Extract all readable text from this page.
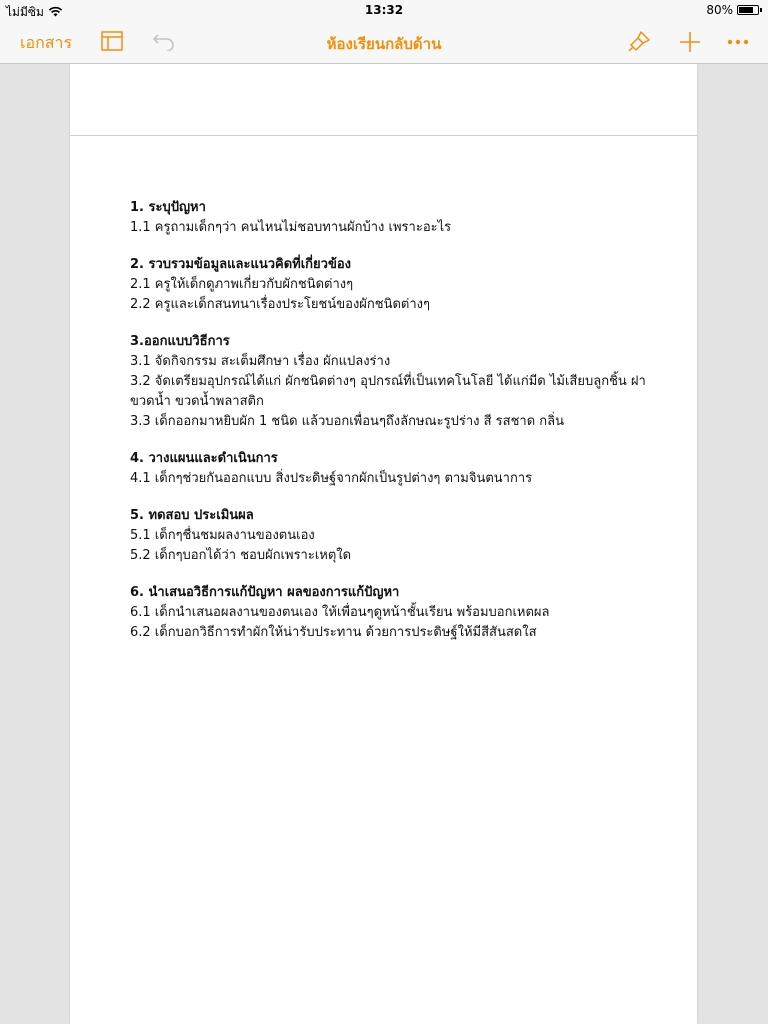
ไม่มีซิม	13:32	80%
เอกสาร	ห้องเรียนกลับด้าน
1. ระบุปัญหา
1.1 ครูถามเด็กๆว่า คนไหนไม่ชอบทานผักบ้าง เพราะอะไร
2. รวบรวมข้อมูลและแนวคิดที่เกี่ยวข้อง
2.1 ครูให้เด็กดูภาพเกี่ยวกับผักชนิดต่างๆ
2.2 ครูและเด็กสนทนาเรื่องประโยชน์ของผักชนิดต่างๆ
3.ออกแบบวิธีการ
3.1 จัดกิจกรรม สะเต็มศึกษา เรื่อง ผักแปลงร่าง
3.2 จัดเตรียมอุปกรณ์ได้แก่ ผักชนิดต่างๆ อุปกรณ์ที่เป็นเทคโนโลยี ได้แก่มีด ไม้เสียบลูกชิ้น ฝาขวดน้ำ ขวดน้ำพลาสติก
3.3 เด็กออกมาหยิบผัก 1 ชนิด แล้วบอกเพื่อนๆถึงลักษณะรูปร่าง สี รสชาด กลิ่น
4. วางแผนและดำเนินการ
4.1 เด็กๆช่วยกันออกแบบ สิ่งประดิษฐ์จากผักเป็นรูปต่างๆ ตามจินตนาการ
5. ทดสอบ ประเมินผล
5.1 เด็กๆชื่นชมผลงานของตนเอง
5.2 เด็กๆบอกได้ว่า ชอบผักเพราะเหตุใด
6. นำเสนอวิธีการแก้ปัญหา ผลของการแก้ปัญหา
6.1 เด็กนำเสนอผลงานของตนเอง ให้เพื่อนๆดูหน้าชั้นเรียน พร้อมบอกเหตผล
6.2 เด็กบอกวิธีการทำผักให้น่ารับประทาน ด้วยการประดิษฐ์ให้มีสีสันสดใส
